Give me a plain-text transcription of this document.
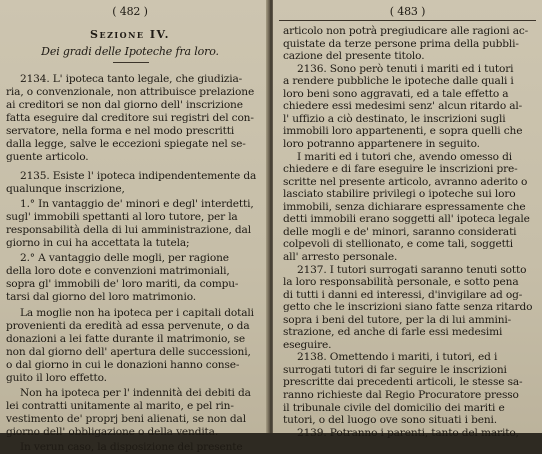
( 482 )
Sezione IV.
Dei gradi delle Ipoteche fra loro.
2134. L' ipoteca tanto legale, che giudizia-
ria, o convenzionale, non attribuisce prelazione
ai creditori se non dal giorno dell' inscrizione
fatta eseguire dal creditore sui registri del con-
servatore, nella forma e nel modo prescritti
dalla legge, salve le eccezioni spiegate nel se-
guente articolo.
2135. Esiste l' ipoteca indipendentemente da
qualunque inscrizione,
1.° In vantaggio de' minori e degl' interdetti,
sugl' immobili spettanti al loro tutore, per la
responsabilità della di lui amministrazione, dal
giorno in cui ha accettata la tutela;
2.° A vantaggio delle mogli, per ragione
della loro dote e convenzioni matrimoniali,
sopra gl' immobili de' loro mariti, da compu-
tarsi dal giorno del loro matrimonio.
La moglie non ha ipoteca per i capitali dotali
provenienti da eredità ad essa pervenute, o da
donazioni a lei fatte durante il matrimonio, se
non dal giorno dell' apertura delle successioni,
o dal giorno in cui le donazioni hanno conse-
guito il loro effetto.
Non ha ipoteca per l' indennità dei debiti da
lei contratti unitamente al marito, e pel rin-
vestimento de' proprj beni alienati, se non dal
giorno dell' obbligazione o della vendita.
In verun caso, la disposizione del presente
( 483 )
articolo non potrà pregiudicare alle ragioni ac-
quistate da terze persone prima della pubbli-
cazione del presente titolo.
2136. Sono però tenuti i mariti ed i tutori
a rendere pubbliche le ipoteche dalle quali i
loro beni sono aggravati, ed a tale effetto a
chiedere essi medesimi senz' alcun ritardo al-
l' uffizio a ciò destinato, le inscrizioni sugli
immobili loro appartenenti, e sopra quelli che
loro potranno appartenere in seguito.
I mariti ed i tutori che, avendo omesso di
chiedere e di fare eseguire le inscrizioni pre-
scritte nel presente articolo, avranno aderito o
lasciato stabilire privilegi o ipoteche sui loro
immobili, senza dichiarare espressamente che
detti immobili erano soggetti all' ipoteca legale
delle mogli e de' minori, saranno considerati
colpevoli di stellionato, e come tali, soggetti
all' arresto personale.
2137. I tutori surrogati saranno tenuti sotto
la loro responsabilità personale, e sotto pena
di tutti i danni ed interessi, d'invigilare ad og-
getto che le inscrizioni siano fatte senza ritardo
sopra i beni del tutore, per la di lui ammini-
strazione, ed anche di farle essi medesimi
eseguire.
2138. Omettendo i mariti, i tutori, ed i
surrogati tutori di far seguire le inscrizioni
prescritte dai precedenti articoli, le stesse sa-
ranno richieste dal Regio Procuratore presso
il tribunale civile del domicilio dei mariti e
tutori, o del luogo ove sono situati i beni.
2139. Potranno i parenti, tanto del marito,
